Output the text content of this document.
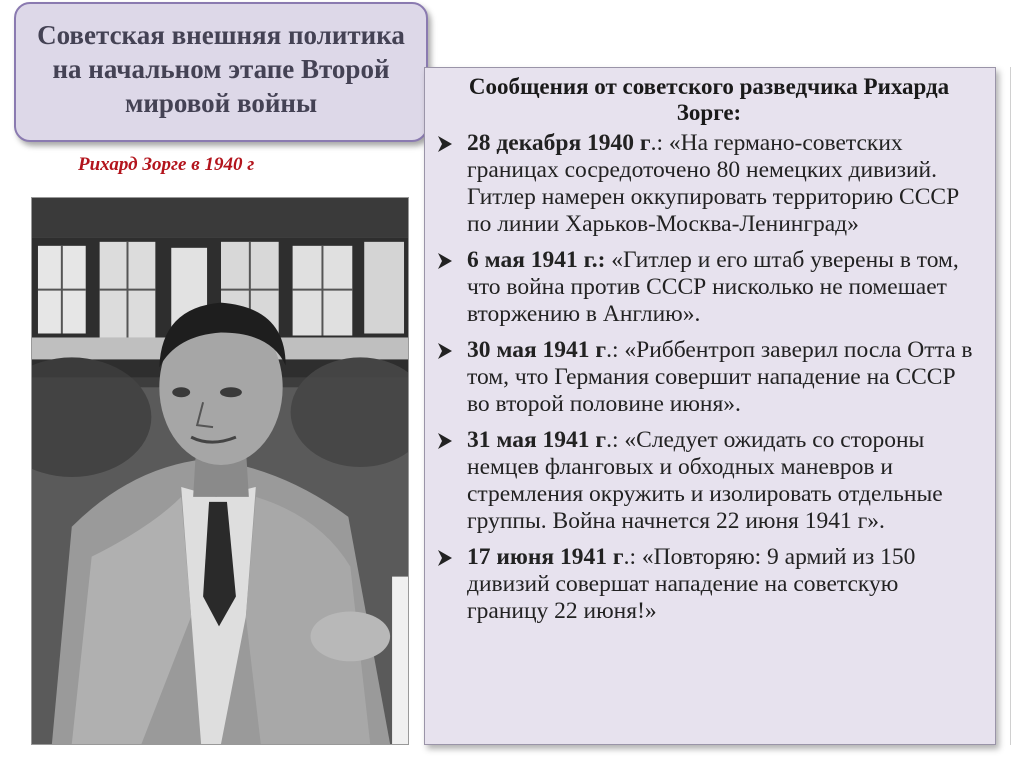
Советская внешняя политика на начальном этапе Второй мировой войны
Рихард Зорге в 1940 г
Сообщения от советского разведчика Рихарда Зорге:
28 декабря 1940 г.: «На германо-советских границах сосредоточено 80 немецких дивизий. Гитлер намерен оккупировать территорию СССР по линии Харьков-Москва-Ленинград»
6 мая 1941 г.: «Гитлер и его штаб уверены в том, что война против СССР нисколько не помешает вторжению в Англию».
30 мая 1941 г.: «Риббентроп заверил посла Отта в том, что Германия совершит нападение на СССР во второй половине июня».
31 мая 1941 г.: «Следует ожидать со стороны немцев фланговых и обходных маневров и стремления окружить и изолировать отдельные группы. Война начнется 22 июня 1941 г».
17 июня 1941 г.: «Повторяю: 9 армий из 150 дивизий совершат нападение на советскую границу 22 июня!»
